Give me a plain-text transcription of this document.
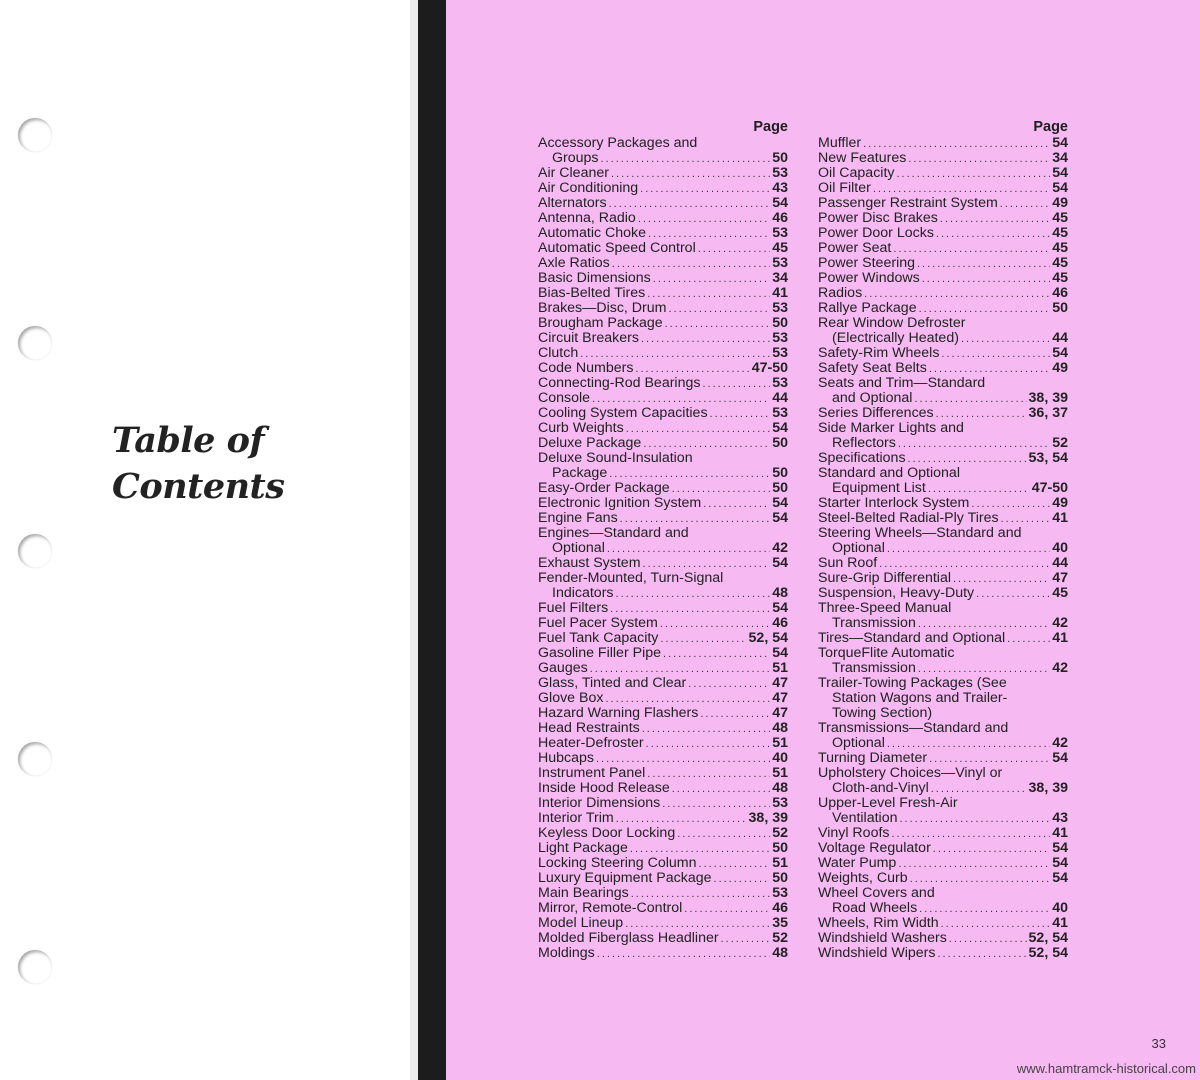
Table of
Contents
Page
Accessory Packages and
Groups .....	50
Air Cleaner .....	53
Air Conditioning .....	43
Alternators .....	54
Antenna, Radio .....	46
Automatic Choke .....	53
Automatic Speed Control .....	45
Axle Ratios .....	53
Basic Dimensions .....	34
Bias-Belted Tires .....	41
Brakes—Disc, Drum .....	53
Brougham Package .....	50
Circuit Breakers .....	53
Clutch .....	53
Code Numbers .....	47-50
Connecting-Rod Bearings .....	53
Console .....	44
Cooling System Capacities .....	53
Curb Weights .....	54
Deluxe Package .....	50
Deluxe Sound-Insulation
Package .....	50
Easy-Order Package .....	50
Electronic Ignition System .....	54
Engine Fans .....	54
Engines—Standard and
Optional .....	42
Exhaust System .....	54
Fender-Mounted, Turn-Signal
Indicators .....	48
Fuel Filters .....	54
Fuel Pacer System .....	46
Fuel Tank Capacity .....	52, 54
Gasoline Filler Pipe .....	54
Gauges .....	51
Glass, Tinted and Clear .....	47
Glove Box .....	47
Hazard Warning Flashers .....	47
Head Restraints .....	48
Heater-Defroster .....	51
Hubcaps .....	40
Instrument Panel .....	51
Inside Hood Release .....	48
Interior Dimensions .....	53
Interior Trim .....	38, 39
Keyless Door Locking .....	52
Light Package .....	50
Locking Steering Column .....	51
Luxury Equipment Package .....	50
Main Bearings .....	53
Mirror, Remote-Control .....	46
Model Lineup .....	35
Molded Fiberglass Headliner .....	52
Moldings .....	48
Page
Muffler .....	54
New Features .....	34
Oil Capacity .....	54
Oil Filter .....	54
Passenger Restraint System .....	49
Power Disc Brakes .....	45
Power Door Locks .....	45
Power Seat .....	45
Power Steering .....	45
Power Windows .....	45
Radios .....	46
Rallye Package .....	50
Rear Window Defroster
(Electrically Heated) .....	44
Safety-Rim Wheels .....	54
Safety Seat Belts .....	49
Seats and Trim—Standard
and Optional .....	38, 39
Series Differences .....	36, 37
Side Marker Lights and
Reflectors .....	52
Specifications .....	53, 54
Standard and Optional
Equipment List .....	47-50
Starter Interlock System .....	49
Steel-Belted Radial-Ply Tires .....	41
Steering Wheels—Standard and
Optional .....	40
Sun Roof .....	44
Sure-Grip Differential .....	47
Suspension, Heavy-Duty .....	45
Three-Speed Manual
Transmission .....	42
Tires—Standard and Optional .....	41
TorqueFlite Automatic
Transmission .....	42
Trailer-Towing Packages (See
Station Wagons and Trailer-
Towing Section)
Transmissions—Standard and
Optional .....	42
Turning Diameter .....	54
Upholstery Choices—Vinyl or
Cloth-and-Vinyl .....	38, 39
Upper-Level Fresh-Air
Ventilation .....	43
Vinyl Roofs .....	41
Voltage Regulator .....	54
Water Pump .....	54
Weights, Curb .....	54
Wheel Covers and
Road Wheels .....	40
Wheels, Rim Width .....	41
Windshield Washers .....	52, 54
Windshield Wipers .....	52, 54
33
www.hamtramck-historical.com
